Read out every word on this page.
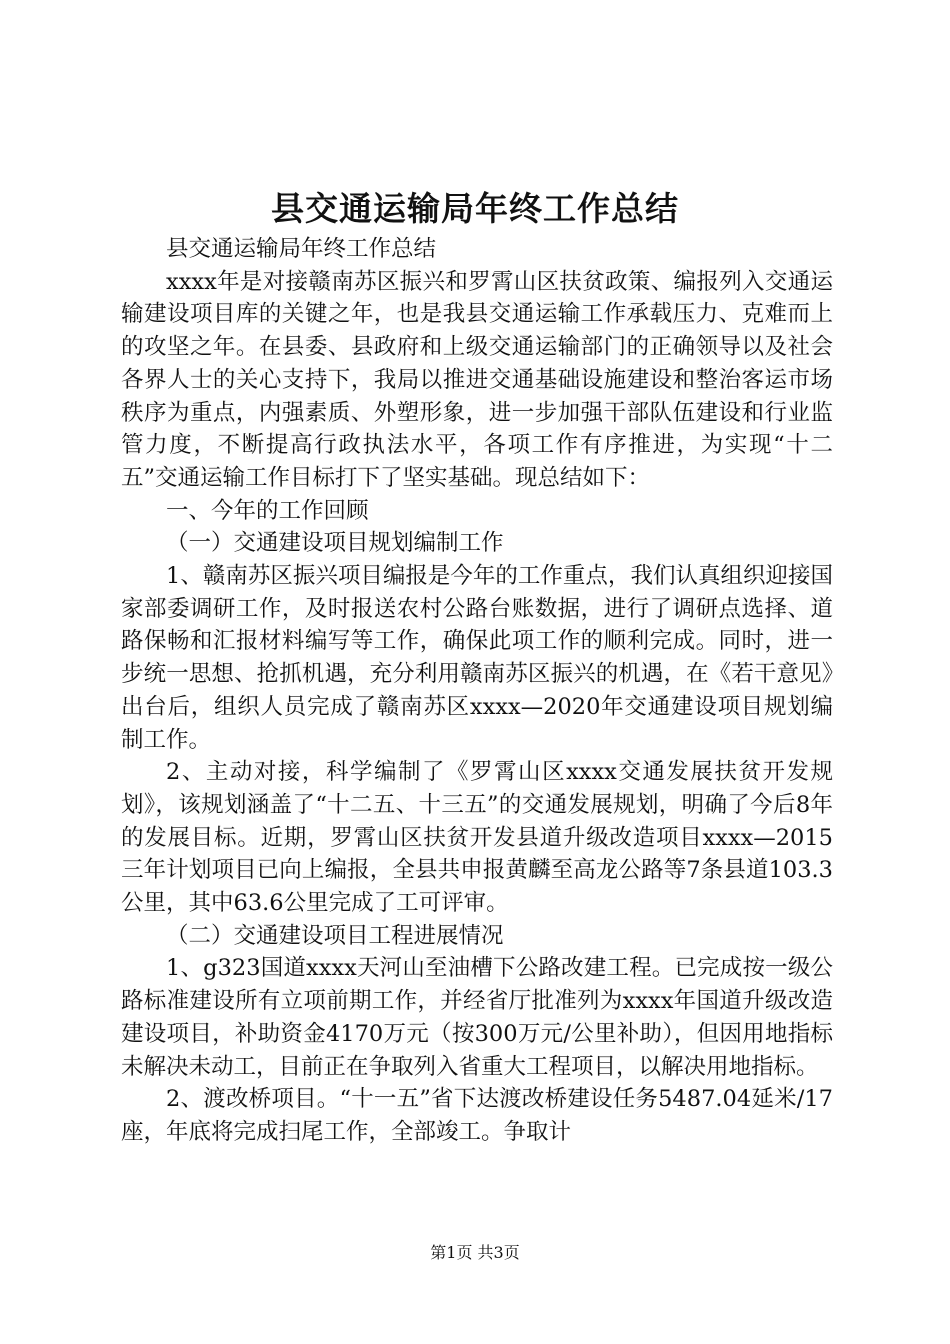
县交通运输局年终工作总结

县交通运输局年终工作总结

xxxx年是对接赣南苏区振兴和罗霄山区扶贫政策、编报列入交通运输建设项目库的关键之年，也是我县交通运输工作承载压力、克难而上的攻坚之年。在县委、县政府和上级交通运输部门的正确领导以及社会各界人士的关心支持下，我局以推进交通基础设施建设和整治客运市场秩序为重点，内强素质、外塑形象，进一步加强干部队伍建设和行业监管力度，不断提高行政执法水平，各项工作有序推进，为实现“十二五”交通运输工作目标打下了坚实基础。现总结如下：

一、今年的工作回顾

（一）交通建设项目规划编制工作

1、赣南苏区振兴项目编报是今年的工作重点，我们认真组织迎接国家部委调研工作，及时报送农村公路台账数据，进行了调研点选择、道路保畅和汇报材料编写等工作，确保此项工作的顺利完成。同时，进一步统一思想、抢抓机遇，充分利用赣南苏区振兴的机遇，在《若干意见》出台后，组织人员完成了赣南苏区xxxx—2020年交通建设项目规划编制工作。

2、主动对接，科学编制了《罗霄山区xxxx交通发展扶贫开发规划》，该规划涵盖了“十二五、十三五”的交通发展规划，明确了今后8年的发展目标。近期，罗霄山区扶贫开发县道升级改造项目xxxx—2015三年计划项目已向上编报，全县共申报黄麟至高龙公路等7条县道103.3公里，其中63.6公里完成了工可评审。

（二）交通建设项目工程进展情况

1、g323国道xxxx天河山至油槽下公路改建工程。已完成按一级公路标准建设所有立项前期工作，并经省厅批准列为xxxx年国道升级改造建设项目，补助资金4170万元（按300万元/公里补助），但因用地指标未解决未动工，目前正在争取列入省重大工程项目，以解决用地指标。

2、渡改桥项目。“十一五”省下达渡改桥建设任务5487.04延米/17座，年底将完成扫尾工作，全部竣工。争取计

第1页 共3页
